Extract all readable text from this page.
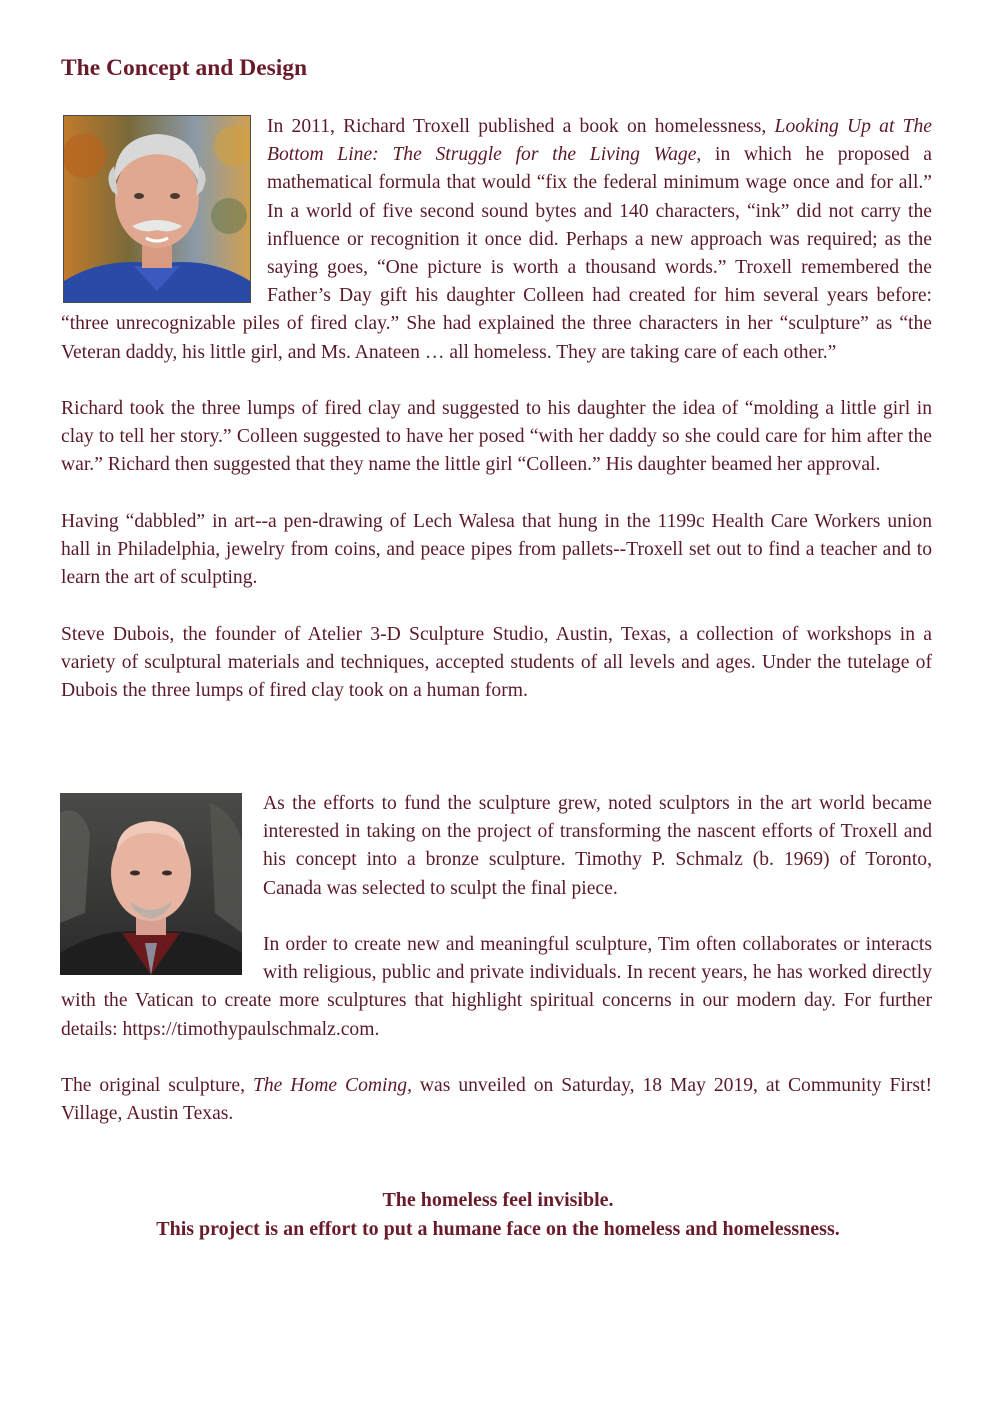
The Concept and Design

In 2011, Richard Troxell published a book on homelessness, Looking Up at The Bottom Line: The Struggle for the Living Wage, in which he proposed a mathematical formula that would “fix the federal minimum wage once and for all.” In a world of five second sound bytes and 140 characters, “ink” did not carry the influence or recognition it once did. Perhaps a new approach was required; as the saying goes, “One picture is worth a thousand words.” Troxell remembered the Father’s Day gift his daughter Colleen had created for him several years before: “three unrecognizable piles of fired clay.” She had explained the three characters in her “sculpture” as “the Veteran daddy, his little girl, and Ms. Anateen … all homeless. They are taking care of each other.”

Richard took the three lumps of fired clay and suggested to his daughter the idea of “molding a little girl in clay to tell her story.” Colleen suggested to have her posed “with her daddy so she could care for him after the war.” Richard then suggested that they name the little girl “Colleen.” His daughter beamed her approval.

Having “dabbled” in art--a pen-drawing of Lech Walesa that hung in the 1199c Health Care Workers union hall in Philadelphia, jewelry from coins, and peace pipes from pallets--Troxell set out to find a teacher and to learn the art of sculpting.

Steve Dubois, the founder of Atelier 3-D Sculpture Studio, Austin, Texas, a collection of workshops in a variety of sculptural materials and techniques, accepted students of all levels and ages. Under the tutelage of Dubois the three lumps of fired clay took on a human form.

As the efforts to fund the sculpture grew, noted sculptors in the art world became interested in taking on the project of transforming the nascent efforts of Troxell and his concept into a bronze sculpture. Timothy P. Schmalz (b. 1969) of Toronto, Canada was selected to sculpt the final piece.

In order to create new and meaningful sculpture, Tim often collaborates or interacts with religious, public and private individuals. In recent years, he has worked directly with the Vatican to create more sculptures that highlight spiritual concerns in our modern day. For further details: https://timothypaulschmalz.com.

The original sculpture, The Home Coming, was unveiled on Saturday, 18 May 2019, at Community First! Village, Austin Texas.

The homeless feel invisible.
This project is an effort to put a humane face on the homeless and homelessness.
